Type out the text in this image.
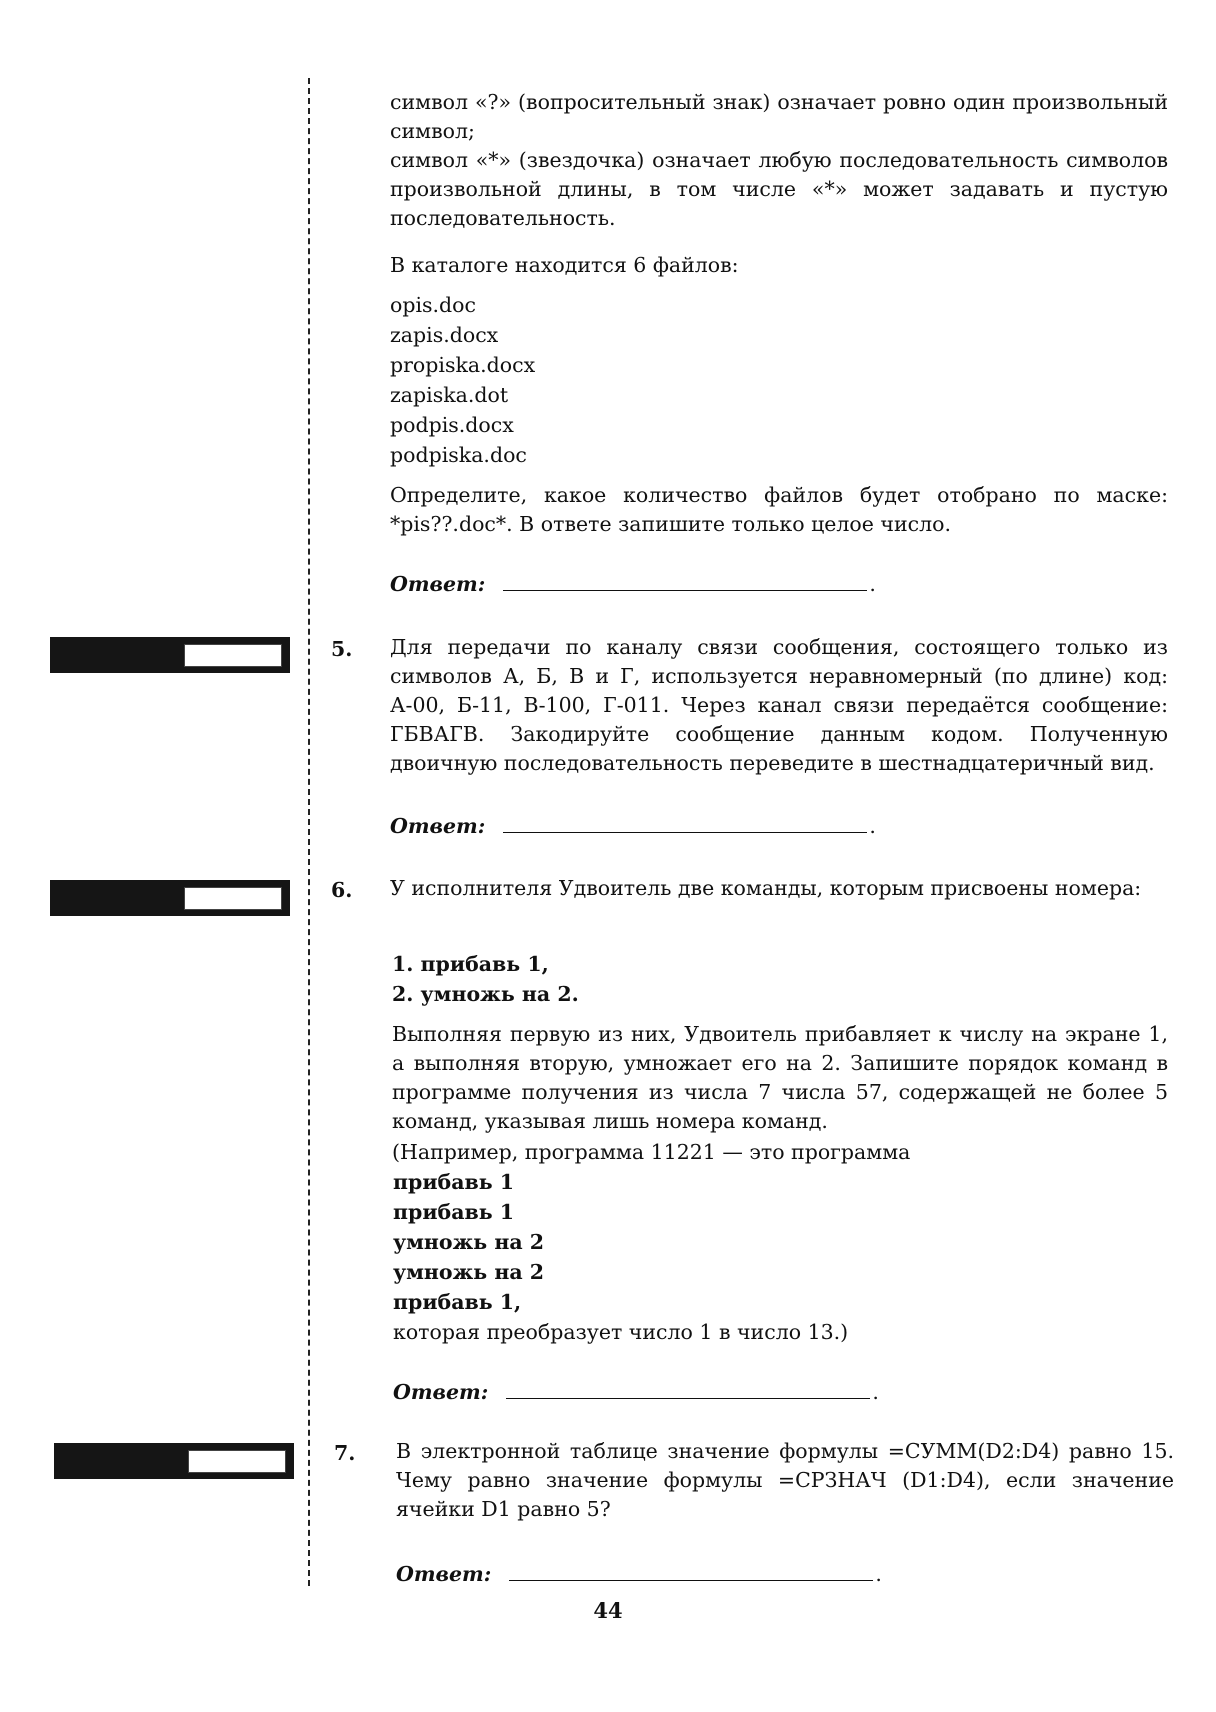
символ «?» (вопросительный знак) означает ровно один произвольный символ;

символ «*» (звездочка) означает любую последовательность символов произвольной длины, в том числе «*» может задавать и пустую последовательность.

В каталоге находится 6 файлов:

opis.doc

zapis.docx

propiska.docx

zapiska.dot

podpis.docx

podpiska.doc

Определите, какое количество файлов будет отобрано по маске: *pis??.doc*. В ответе запишите только целое число.

Ответ:	.
5. Для передачи по каналу связи сообщения, состоящего только из символов А, Б, В и Г, используется неравномерный (по длине) код: А-00, Б-11, В-100, Г-011. Через канал связи передаётся сообщение: ГБВАГВ. Закодируйте сообщение данным кодом. Полученную двоичную последовательность переведите в шестнадцатеричный вид.

Ответ:	.
6. У исполнителя Удвоитель две команды, которым присвоены номера:

1. прибавь 1,

2. умножь на 2.

Выполняя первую из них, Удвоитель прибавляет к числу на экране 1, а выполняя вторую, умножает его на 2. Запишите порядок команд в программе получения из числа 7 числа 57, содержащей не более 5 команд, указывая лишь номера команд.

(Например, программа 11221 — это программа

прибавь 1

прибавь 1

умножь на 2

умножь на 2

прибавь 1,

которая преобразует число 1 в число 13.)

Ответ:	.
7. В электронной таблице значение формулы =СУММ(D2:D4) равно 15. Чему равно значение формулы =СРЗНАЧ (D1:D4), если значение ячейки D1 равно 5?

Ответ:	.
44
